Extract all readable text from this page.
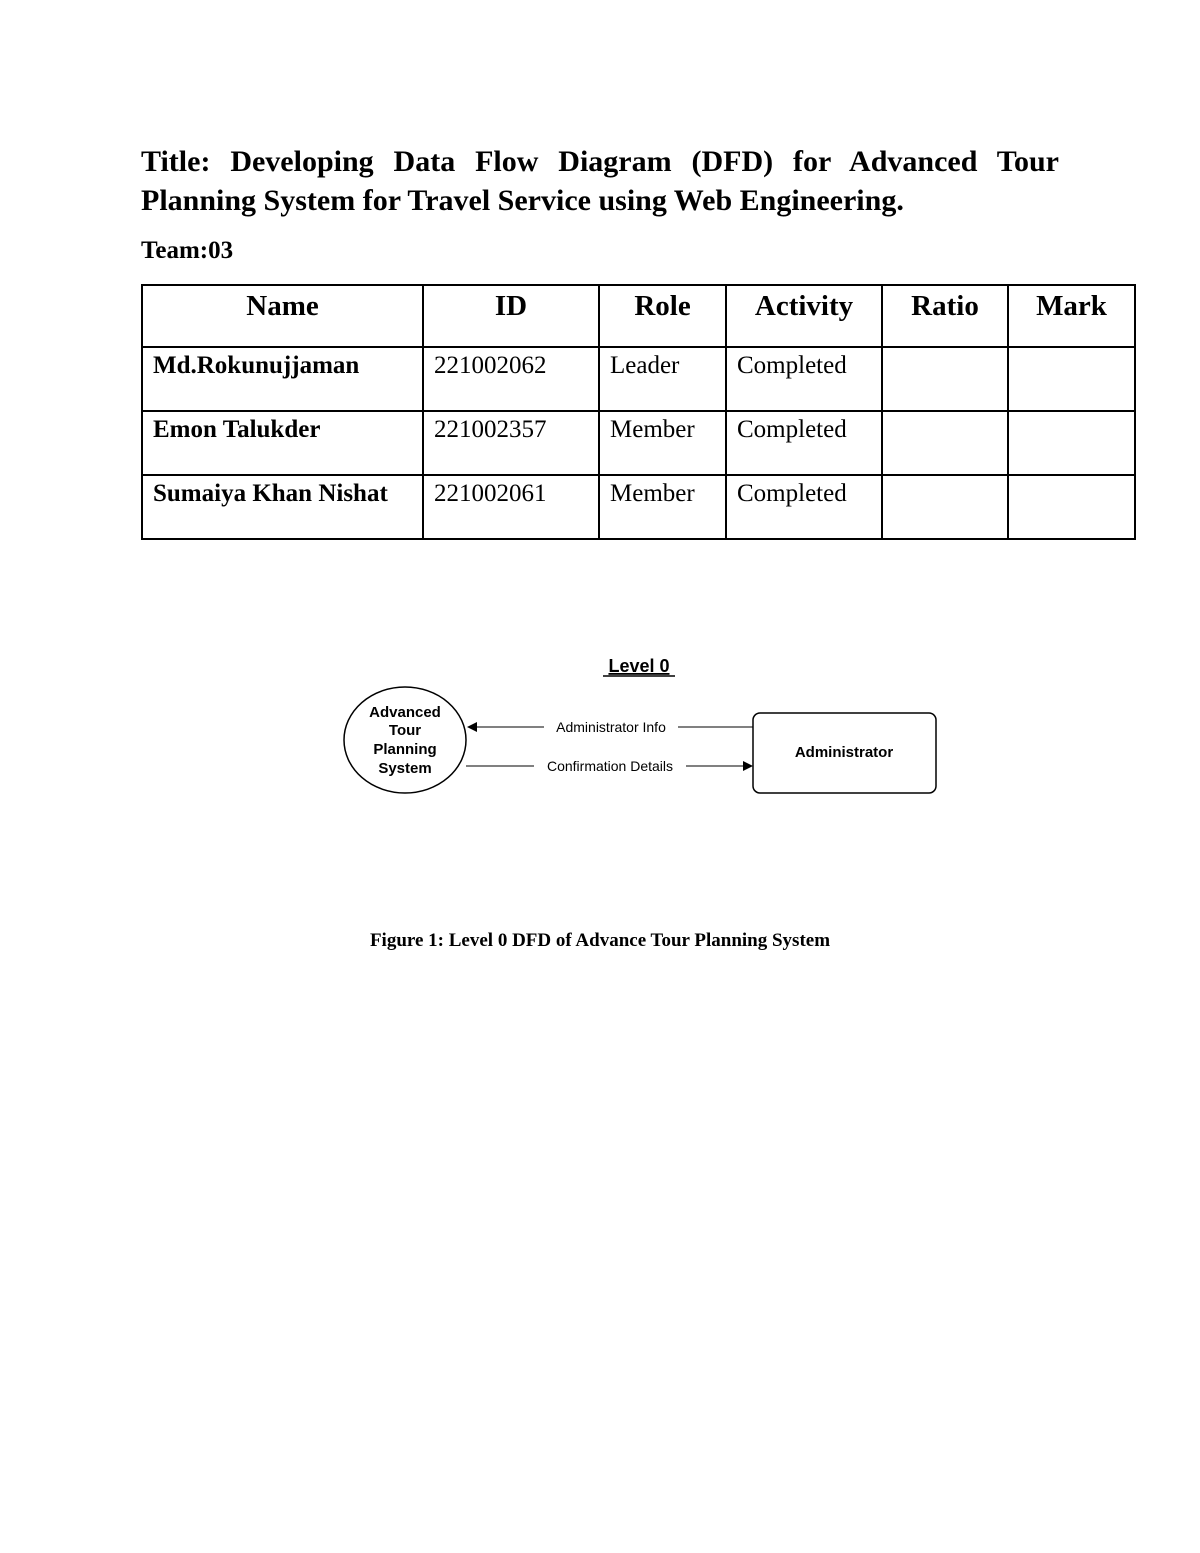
Title: Developing Data Flow Diagram (DFD) for Advanced Tour Planning System for Travel Service using Web Engineering.

Team:03

Name	ID	Role	Activity	Ratio	Mark
Md.Rokunujjaman	221002062	Leader	Completed		
Emon Talukder	221002357	Member	Completed		
Sumaiya Khan Nishat	221002061	Member	Completed		
Level 0
Advanced
Tour
Planning
System
Administrator
Administrator Info
Confirmation Details

Figure 1: Level 0 DFD of Advance Tour Planning System
